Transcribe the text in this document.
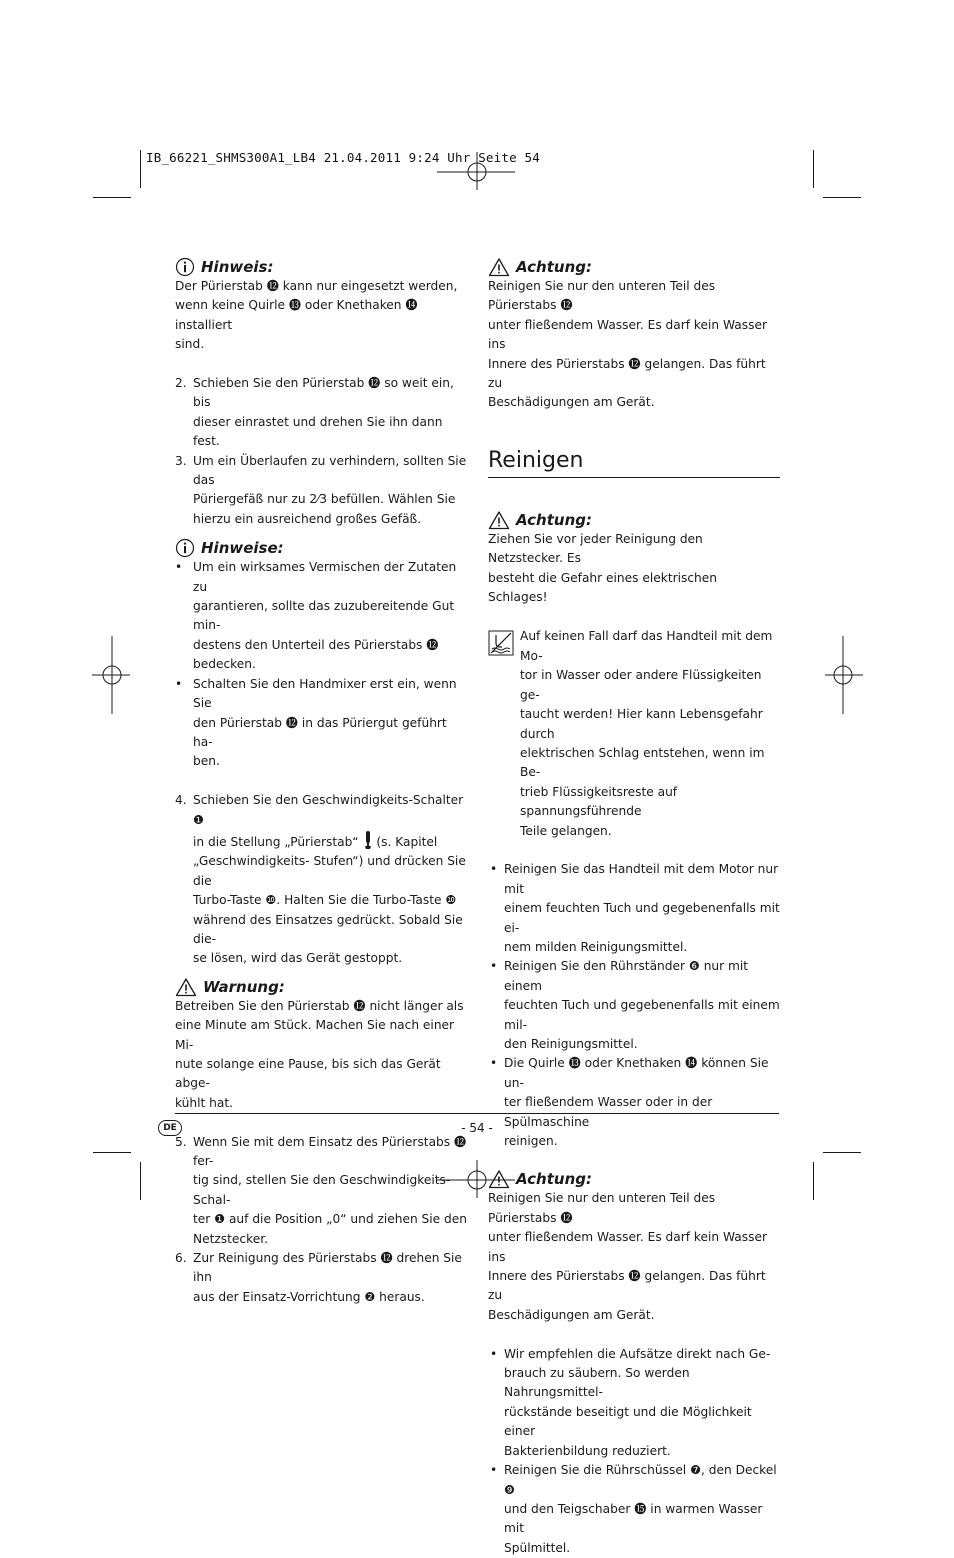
IB_66221_SHMS300A1_LB4 21.04.2011 9:24 Uhr Seite 54

Hinweis:

Der Pürierstab ⓬ kann nur eingesetzt werden,

wenn keine Quirle ⓭ oder Knethaken ⓮ installiert

sind.

2. Schieben Sie den Pürierstab ⓬ so weit ein, bis

dieser einrastet und drehen Sie ihn dann fest.

3. Um ein Überlaufen zu verhindern, sollten Sie das

Püriergefäß nur zu 2⁄3 befüllen. Wählen Sie

hierzu ein ausreichend großes Gefäß.

Hinweise:

• Um ein wirksames Vermischen der Zutaten zu

garantieren, sollte das zuzubereitende Gut min-

destens den Unterteil des Pürierstabs ⓬

bedecken.

• Schalten Sie den Handmixer erst ein, wenn Sie

den Pürierstab ⓬ in das Püriergut geführt ha-

ben.

4. Schieben Sie den Geschwindigkeits-Schalter ❶

in die Stellung „Pürierstab“ (s. Kapitel

„Geschwindigkeits- Stufen“) und drücken Sie die

Turbo-Taste ❿. Halten Sie die Turbo-Taste ❿

während des Einsatzes gedrückt. Sobald Sie die-

se lösen, wird das Gerät gestoppt.

Warnung:

Betreiben Sie den Pürierstab ⓬ nicht länger als

eine Minute am Stück. Machen Sie nach einer Mi-

nute solange eine Pause, bis sich das Gerät abge-

kühlt hat.

5. Wenn Sie mit dem Einsatz des Pürierstabs ⓬ fer-

tig sind, stellen Sie den Geschwindigkeits-Schal-

ter ❶ auf die Position „0“ und ziehen Sie den

Netzstecker.

6. Zur Reinigung des Pürierstabs ⓬ drehen Sie ihn

aus der Einsatz-Vorrichtung ❷ heraus.

Achtung:

Reinigen Sie nur den unteren Teil des Pürierstabs ⓬

unter fließendem Wasser. Es darf kein Wasser ins

Innere des Pürierstabs ⓬ gelangen. Das führt zu

Beschädigungen am Gerät.

Reinigen

Achtung:

Ziehen Sie vor jeder Reinigung den Netzstecker. Es

besteht die Gefahr eines elektrischen Schlages!

Auf keinen Fall darf das Handteil mit dem Mo-

tor in Wasser oder andere Flüssigkeiten ge-

taucht werden! Hier kann Lebensgefahr durch

elektrischen Schlag entstehen, wenn im Be-

trieb Flüssigkeitsreste auf spannungsführende

Teile gelangen.

• Reinigen Sie das Handteil mit dem Motor nur mit

einem feuchten Tuch und gegebenenfalls mit ei-

nem milden Reinigungsmittel.

• Reinigen Sie den Rührständer ❻ nur mit einem

feuchten Tuch und gegebenenfalls mit einem mil-

den Reinigungsmittel.

• Die Quirle ⓭ oder Knethaken ⓮ können Sie un-

ter fließendem Wasser oder in der Spülmaschine

reinigen.

Achtung:

Reinigen Sie nur den unteren Teil des Pürierstabs ⓬

unter fließendem Wasser. Es darf kein Wasser ins

Innere des Pürierstabs ⓬ gelangen. Das führt zu

Beschädigungen am Gerät.

• Wir empfehlen die Aufsätze direkt nach Ge-

brauch zu säubern. So werden Nahrungsmittel-

rückstände beseitigt und die Möglichkeit einer

Bakterienbildung reduziert.

• Reinigen Sie die Rührschüssel ❼, den Deckel ❾

und den Teigschaber ⓯ in warmen Wasser mit

Spülmittel.

DE	- 54 -
